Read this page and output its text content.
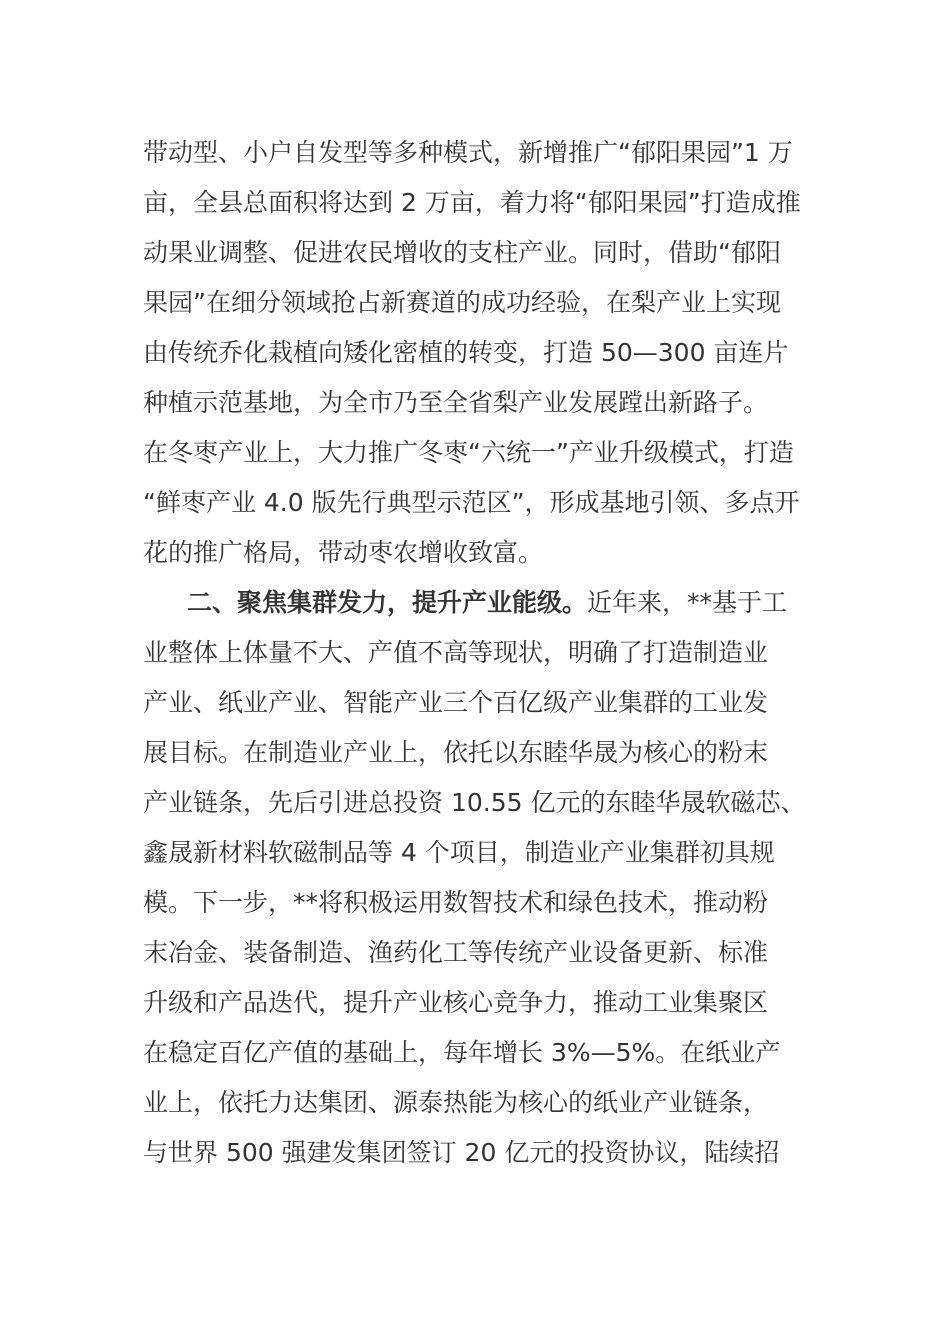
带动型、小户自发型等多种模式，新增推广“郁阳果园”1 万
亩，全县总面积将达到 2 万亩，着力将“郁阳果园”打造成推
动果业调整、促进农民增收的支柱产业。同时，借助“郁阳
果园”在细分领域抢占新赛道的成功经验，在梨产业上实现
由传统乔化栽植向矮化密植的转变，打造 50—300 亩连片
种植示范基地，为全市乃至全省梨产业发展蹚出新路子。
在冬枣产业上，大力推广冬枣“六统一”产业升级模式，打造
“鲜枣产业 4.0 版先行典型示范区”，形成基地引领、多点开
花的推广格局，带动枣农增收致富。
二、聚焦集群发力，提升产业能级。近年来，**基于工
业整体上体量不大、产值不高等现状，明确了打造制造业
产业、纸业产业、智能产业三个百亿级产业集群的工业发
展目标。在制造业产业上，依托以东睦华晟为核心的粉末
产业链条，先后引进总投资 10.55 亿元的东睦华晟软磁芯、
鑫晟新材料软磁制品等 4 个项目，制造业产业集群初具规
模。下一步，**将积极运用数智技术和绿色技术，推动粉
末冶金、装备制造、渔药化工等传统产业设备更新、标准
升级和产品迭代，提升产业核心竞争力，推动工业集聚区
在稳定百亿产值的基础上，每年增长 3%—5%。在纸业产
业上，依托力达集团、源泰热能为核心的纸业产业链条，
与世界 500 强建发集团签订 20 亿元的投资协议，陆续招
